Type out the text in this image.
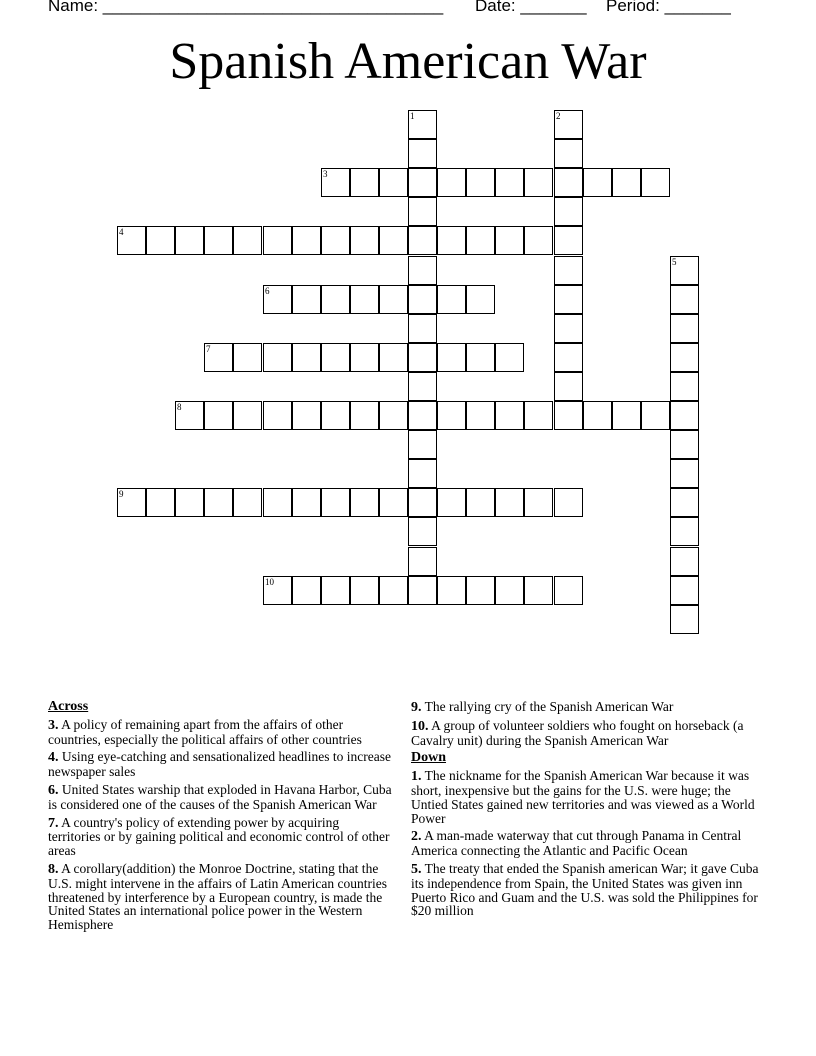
Name: ____________________________________ Date: _______ Period: _______
Spanish American War
1	2
3
4
5
6
7
8
9
10
Across
3. A policy of remaining apart from the affairs of other countries, especially the political affairs of other countries
4. Using eye-catching and sensationalized headlines to increase newspaper sales
6. United States warship that exploded in Havana Harbor, Cuba is considered one of the causes of the Spanish American War
7. A country's policy of extending power by acquiring territories or by gaining political and economic control of other areas
8. A corollary(addition) the Monroe Doctrine, stating that the U.S. might intervene in the affairs of Latin American countries threatened by interference by a European country, is made the United States an international police power in the Western Hemisphere
9. The rallying cry of the Spanish American War
10. A group of volunteer soldiers who fought on horseback (a Cavalry unit) during the Spanish American War
Down
1. The nickname for the Spanish American War because it was short, inexpensive but the gains for the U.S. were huge; the Untied States gained new territories and was viewed as a World Power
2. A man-made waterway that cut through Panama in Central America connecting the Atlantic and Pacific Ocean
5. The treaty that ended the Spanish american War; it gave Cuba its independence from Spain, the United States was given inn Puerto Rico and Guam and the U.S. was sold the Philippines for $20 million
